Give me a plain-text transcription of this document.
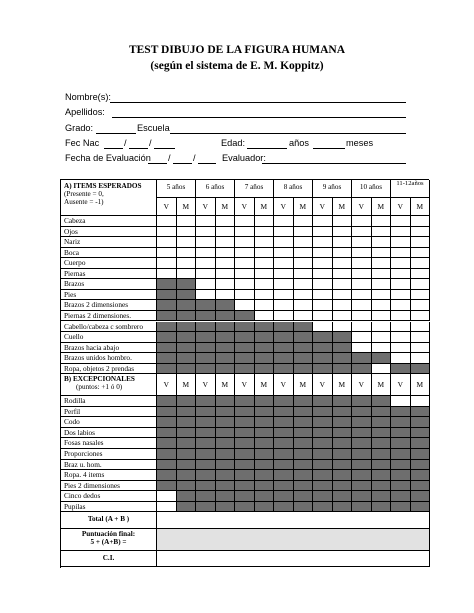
TEST DIBUJO DE LA FIGURA HUMANA
(según el sistema de E. M. Koppitz)
Nombre(s):
Apellidos:
Grado:	Escuela
Fec Nac	/ /	Edad:	años	meses
Fecha de Evaluación / /	Evaluador:
A) ITEMS ESPERADOS
(Presente = 0,
Ausente = -1)
5 años	6 años	7 años	8 años	9 años	10 años	11-12años
V	M	V	M	V	M	V	M	V	M	V	M	V	M
Cabeza
Ojos
Nariz
Boca
Cuerpo
Piernas
Brazos
Pies
Brazos 2 dimensiones
Piernas 2 dimensiones.
Cabello/cabeza c sombrero
Cuello
Brazos hacia abajo
Brazos unidos hombro.
Ropa, objetos 2 prendas
B) EXCEPCIONALES
(puntos: +1 ó 0)	V	M	V	M	V	M	V	M	V	M	V	M	V	M
Rodilla
Perfil
Codo
Dos labios
Fosas nasales
Proporciones
Braz u. hom.
Ropa. 4 items
Pies 2 dimensiones
Cinco dedos
Pupilas
Total (A + B )
Puntuación final:
5 + (A+B) =
C.I.
